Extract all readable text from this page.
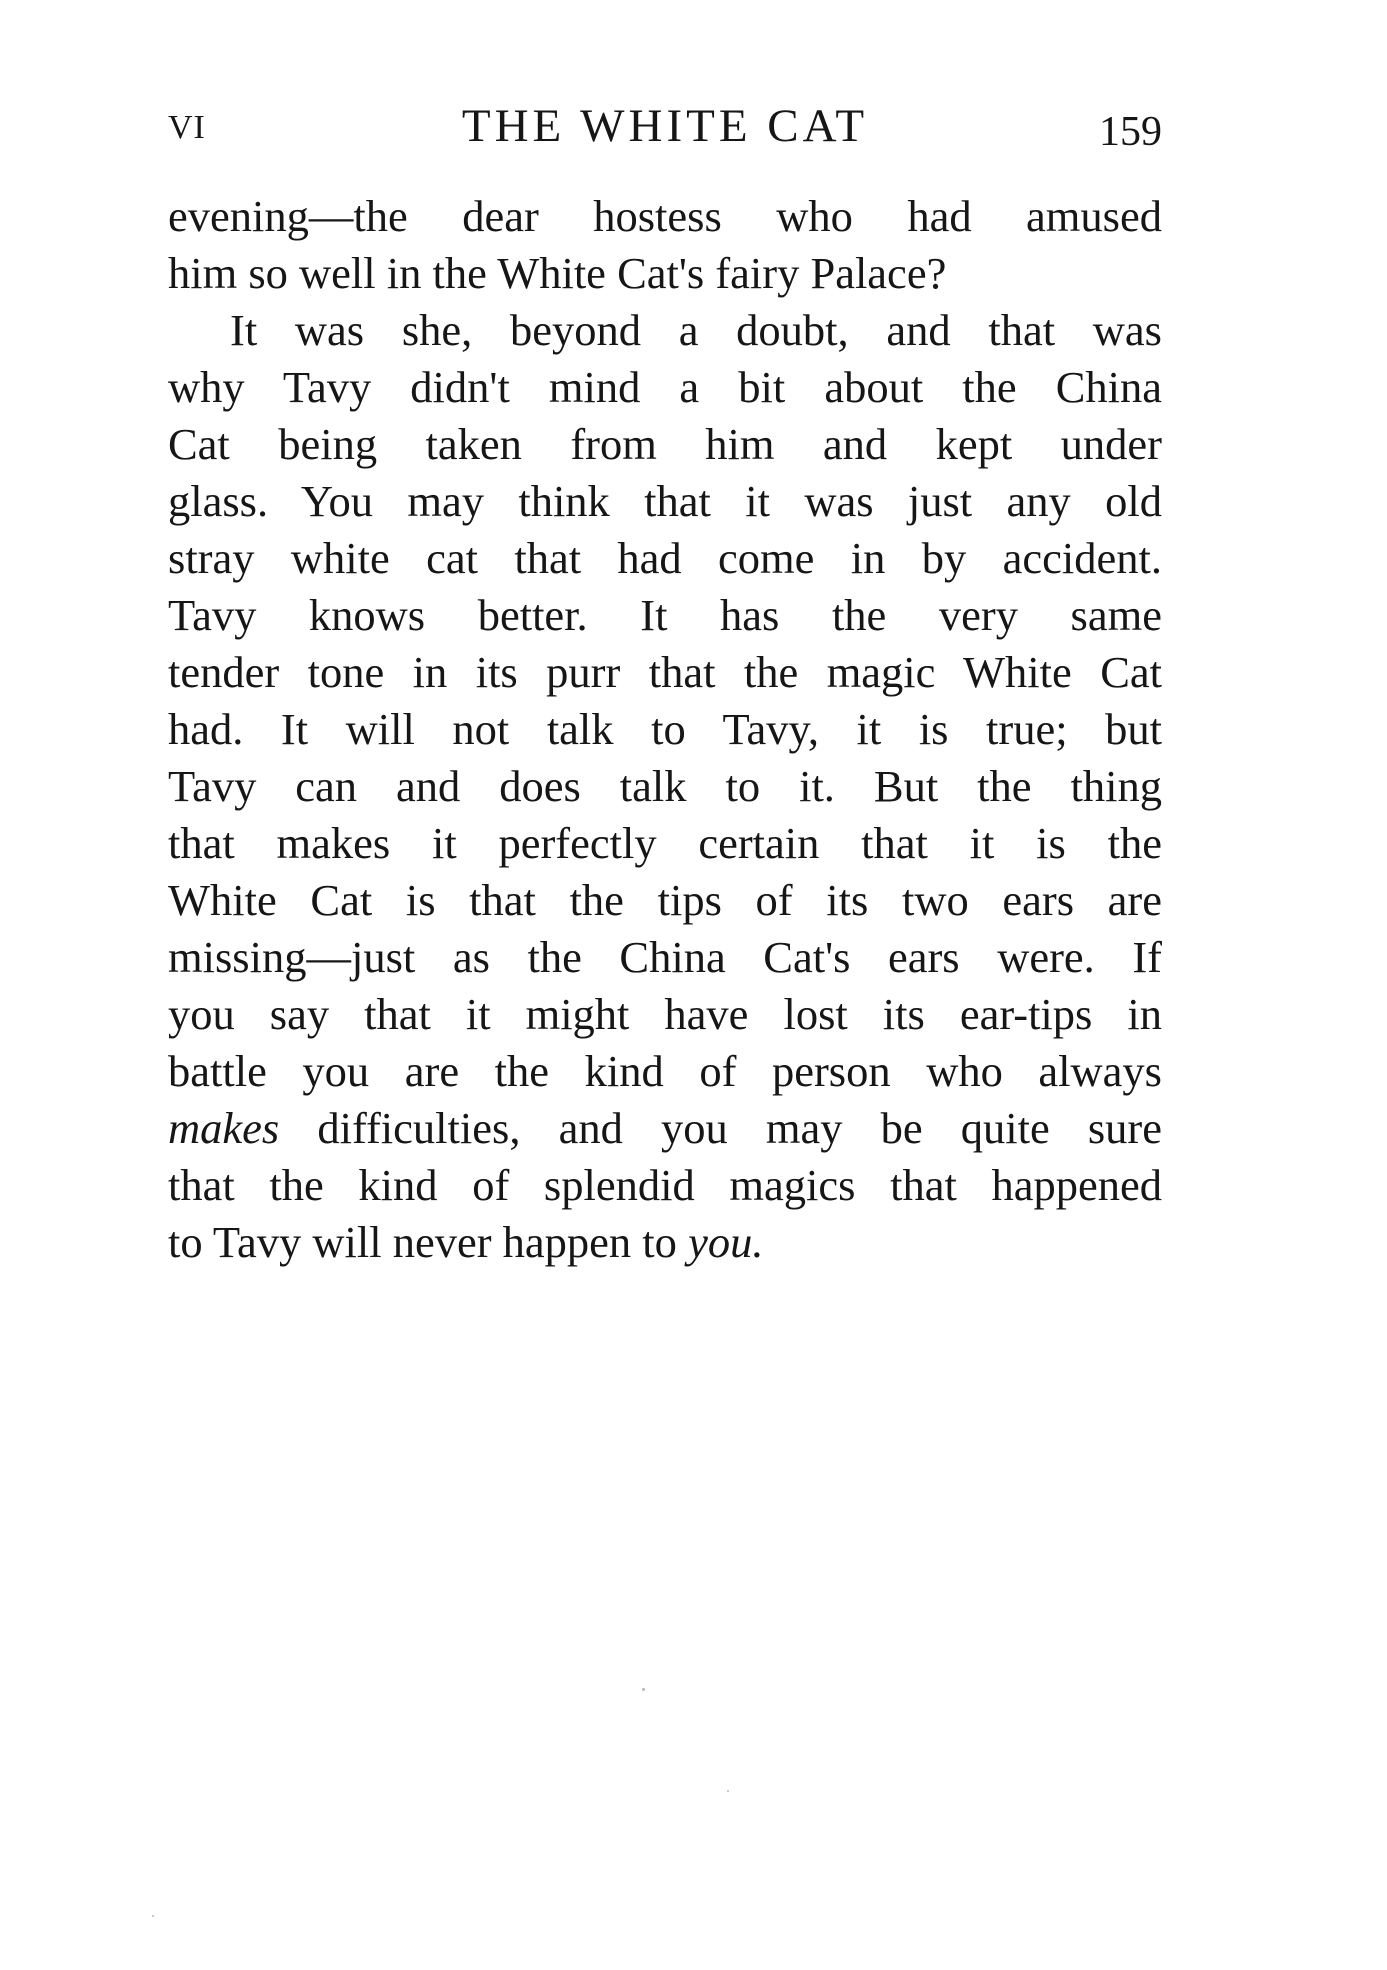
VI	THE WHITE CAT	159
evening—the dear hostess who had amused
him so well in the White Cat's fairy Palace?
It was she, beyond a doubt, and that was
why Tavy didn't mind a bit about the China
Cat being taken from him and kept under
glass. You may think that it was just any old
stray white cat that had come in by accident.
Tavy knows better. It has the very same
tender tone in its purr that the magic White Cat
had. It will not talk to Tavy, it is true; but
Tavy can and does talk to it. But the thing
that makes it perfectly certain that it is the
White Cat is that the tips of its two ears are
missing—just as the China Cat's ears were. If
you say that it might have lost its ear-tips in
battle you are the kind of person who always
makes difficulties, and you may be quite sure
that the kind of splendid magics that happened
to Tavy will never happen to you.
